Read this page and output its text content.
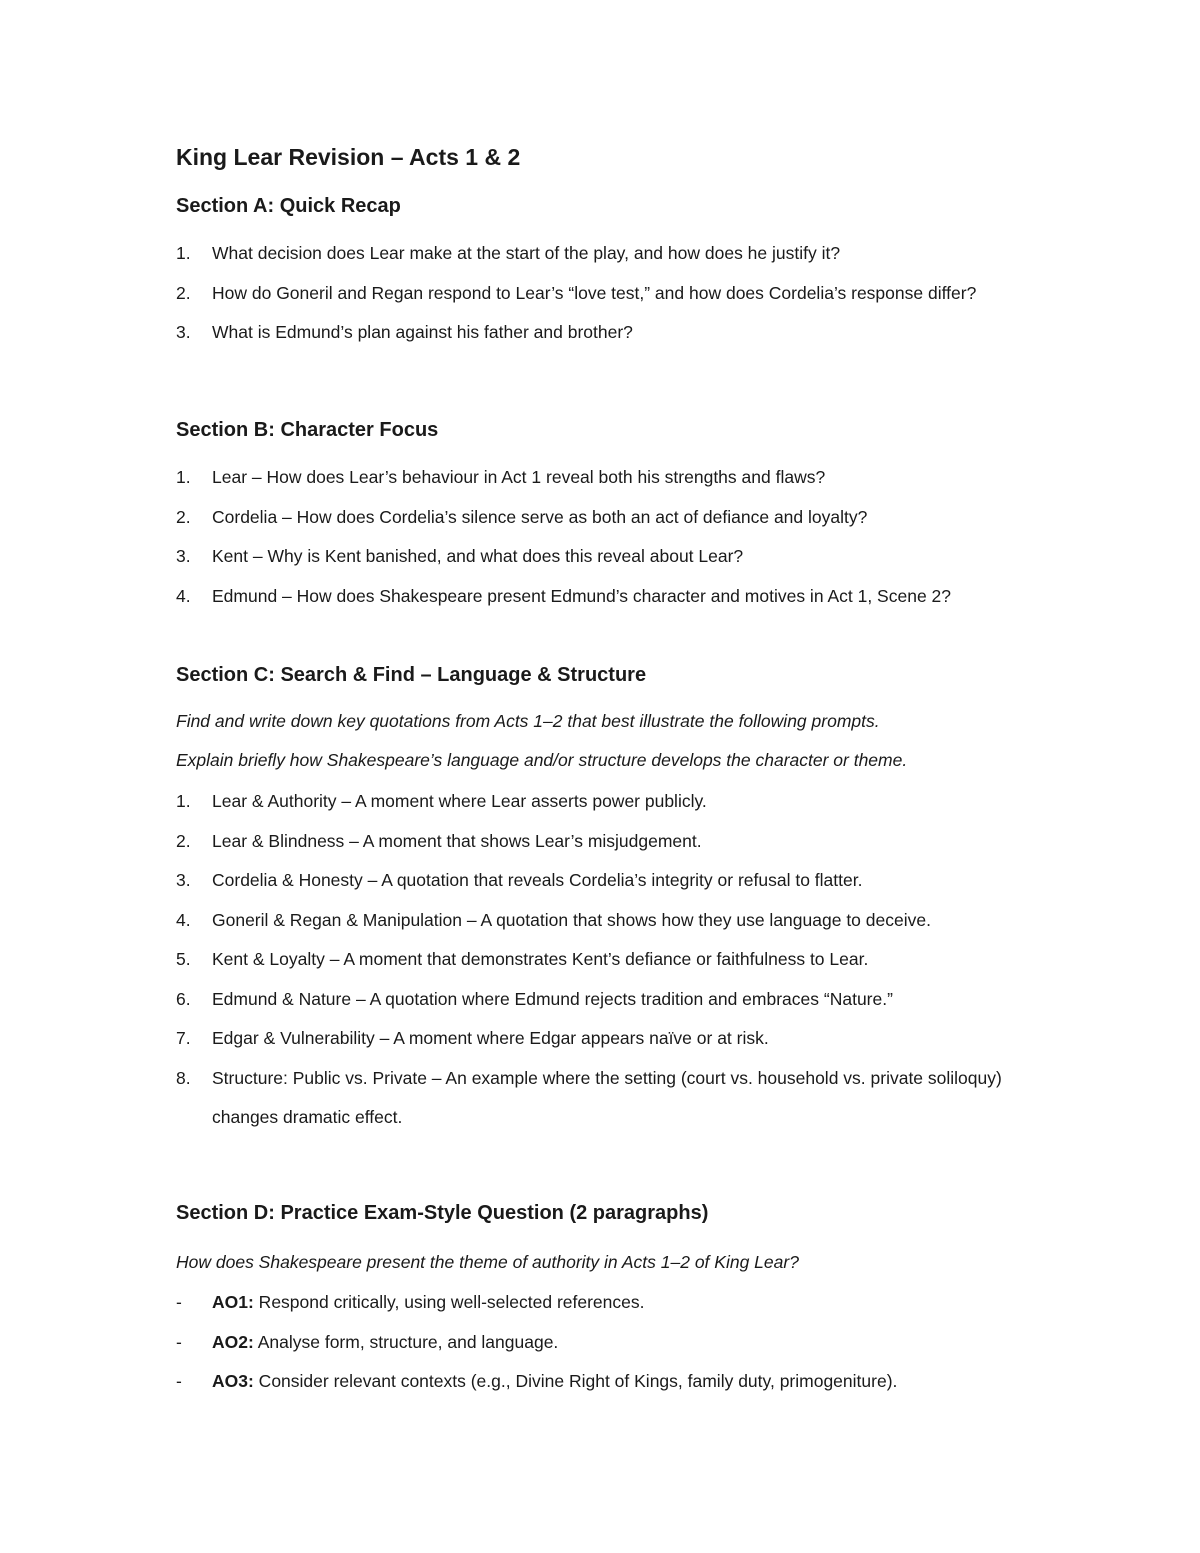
King Lear Revision – Acts 1 & 2
Section A: Quick Recap
1. What decision does Lear make at the start of the play, and how does he justify it?
2. How do Goneril and Regan respond to Lear’s “love test,” and how does Cordelia’s response differ?
3. What is Edmund’s plan against his father and brother?
Section B: Character Focus
1. Lear – How does Lear’s behaviour in Act 1 reveal both his strengths and flaws?
2. Cordelia – How does Cordelia’s silence serve as both an act of defiance and loyalty?
3. Kent – Why is Kent banished, and what does this reveal about Lear?
4. Edmund – How does Shakespeare present Edmund’s character and motives in Act 1, Scene 2?
Section C: Search & Find – Language & Structure

Find and write down key quotations from Acts 1–2 that best illustrate the following prompts.

Explain briefly how Shakespeare’s language and/or structure develops the character or theme.

1. Lear & Authority – A moment where Lear asserts power publicly.
2. Lear & Blindness – A moment that shows Lear’s misjudgement.
3. Cordelia & Honesty – A quotation that reveals Cordelia’s integrity or refusal to flatter.
4. Goneril & Regan & Manipulation – A quotation that shows how they use language to deceive.
5. Kent & Loyalty – A moment that demonstrates Kent’s defiance or faithfulness to Lear.
6. Edmund & Nature – A quotation where Edmund rejects tradition and embraces “Nature.”
7. Edgar & Vulnerability – A moment where Edgar appears naïve or at risk.
8. Structure: Public vs. Private – An example where the setting (court vs. household vs. private soliloquy) changes dramatic effect.
Section D: Practice Exam-Style Question (2 paragraphs)

How does Shakespeare present the theme of authority in Acts 1–2 of King Lear?

- AO1: Respond critically, using well-selected references.
- AO2: Analyse form, structure, and language.
- AO3: Consider relevant contexts (e.g., Divine Right of Kings, family duty, primogeniture).
